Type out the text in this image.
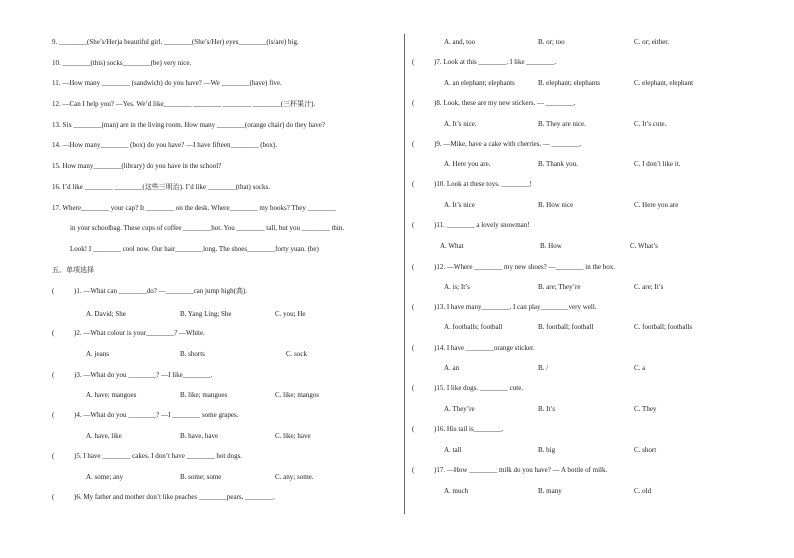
9. ________(She’s/Her)a beautiful girl. ________(She’s/Her) eyes________(is/are) big.
10. ________(this) socks________(be) very nice.
11. —How many ________ (sandwich) do you have? —We ________(have) five.
12. —Can I help you? —Yes. We’d like________ ________ ________ ________(三杯果汁).
13. Six ________(man) are in the living room. How many ________(orange chair) do they have?
14. —How many________ (box) do you have? —I have fifteen________ (box).
15. How many________(library) do you have in the school?
16. I’d like ________ ________(这些三明治). I’d like ________(that) socks.
17. Where________ your cap? It ________ on the desk. Where________ my books? They ________
in your schoolbag. These cups of coffee ________hot. You ________ tall, but you ________ thin.
Look! I ________ cool now. Our hair________long. The shoes________forty yuan. (be)
五、单项选择
(	)1. —What can ________do? —________can jump high(高).
A. David; She	B. Yang Ling; She	C. you; He
(	)2. —What colour is your________? —White.
A. jeans	B. shorts	C. sock
(	)3. —What do you ________? —I like________.
A. have; mangoes	B. like; mangoes	C. like; mangos
(	)4. —What do you ________? —I ________ some grapes.
A. have, like	B. have, have	C. like; have
(	)5. I have ________ cakes. I don’t have ________ hot dogs.
A. some; any	B. some; some	C. any; some.
(	)6. My father and mother don’t like peaches ________pears, ________.
A. and, too	B. or; too	C. or; either.
(	)7. Look at this ________. I like ________.
A. an elephant; elephants	B. elephant; elephants	C. elephant, elephant
(	)8. Look, these are my new stickers. — ________.
A. It’s nice.	B. They are nice.	C. It’s cute.
(	)9. —Mike, have a cake with cherries. — ________.
A. Here you are.	B. Thank you.	C. I don’t like it.
(	)10. Look at these toys. ________!
A. It’s nice	B. How nice	C. Here you are
(	)11. ________ a lovely snowman!
A. What	B. How	C. What’s
(	)12. —Where ________ my new shoes? —________ in the box.
A. is; It’s	B. are; They’re	C. are; It’s
(	)13. I have many________. I can play________very well.
A. footballs; football	B. football; football	C. football; footballs
(	)14. I have ________orange sticker.
A. an	B. /	C. a
(	)15. I like dogs. ________ cute.
A. They’re	B. It’s	C. They
(	)16. His tail is________.
A. tall	B. big	C. short
(	)17. —How ________ milk do you have? — A bottle of milk.
A. much	B. many	C. old
